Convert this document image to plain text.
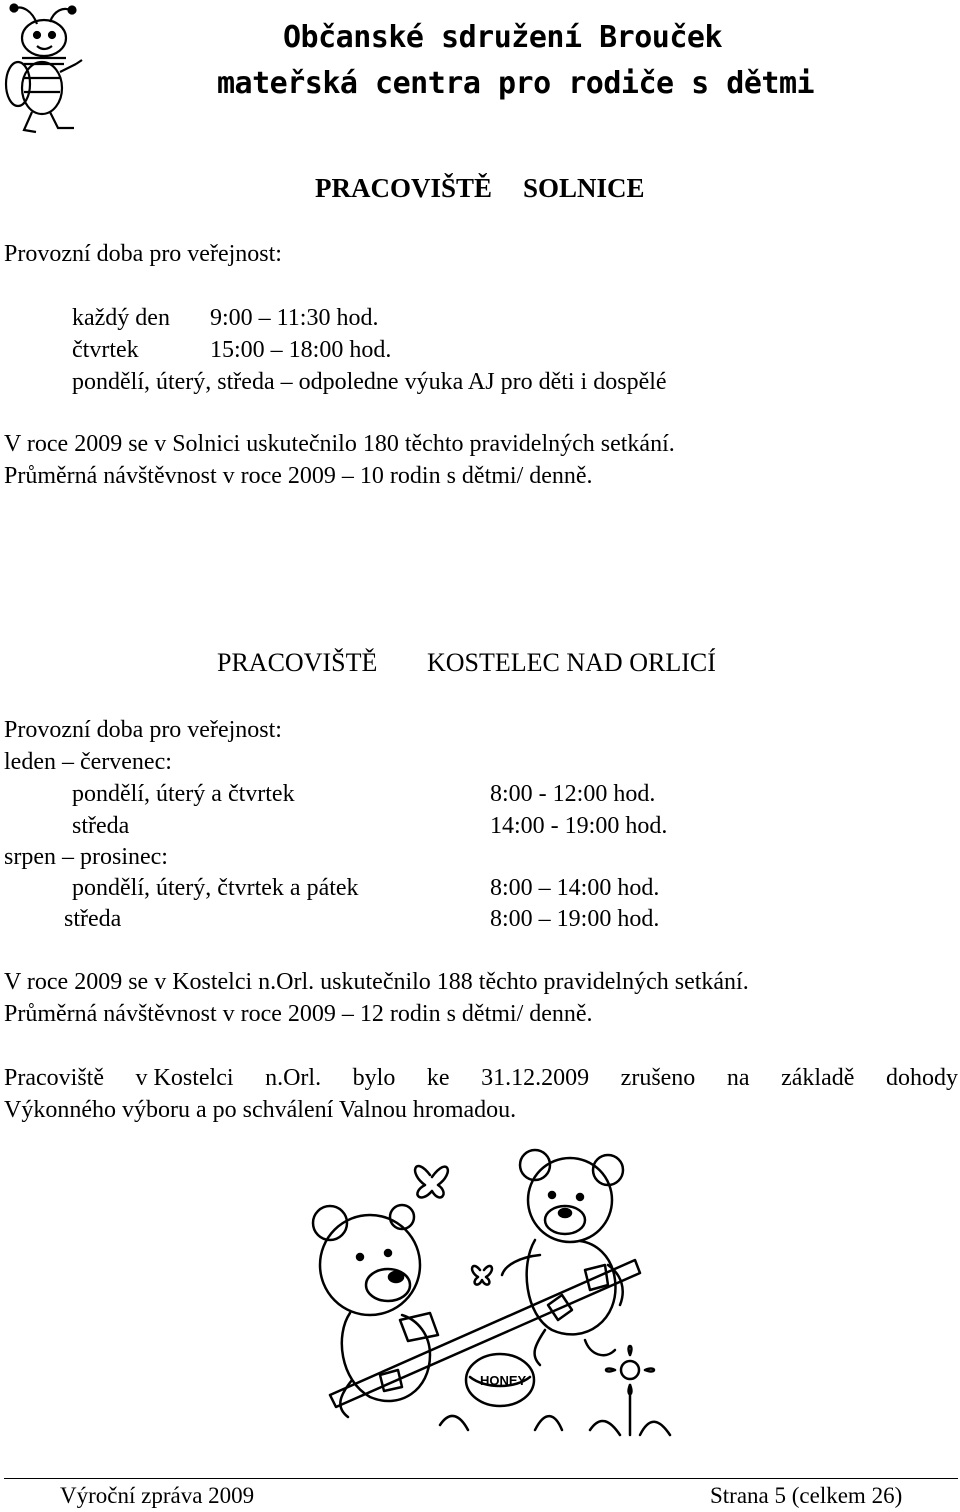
Občanské sdružení Brouček
mateřská centra pro rodiče s dětmi
PRACOVIŠTĚ SOLNICE
Provozní doba pro veřejnost:
každý den 9:00 – 11:30 hod.
čtvrtek	15:00 – 18:00 hod.
pondělí, úterý, středa – odpoledne výuka AJ pro děti i dospělé
V roce 2009 se v Solnici uskutečnilo 180 těchto pravidelných setkání.
Průměrná návštěvnost v roce 2009 – 10 rodin s dětmi/ denně.
PRACOVIŠTĚ KOSTELEC NAD ORLICÍ
Provozní doba pro veřejnost:
leden – červenec:
pondělí, úterý a čtvrtek	8:00 - 12:00 hod.
středa	14:00 - 19:00 hod.
srpen – prosinec:
pondělí, úterý, čtvrtek a pátek	8:00 – 14:00 hod.
středa	8:00 – 19:00 hod.
V roce 2009 se v Kostelci n.Orl. uskutečnilo 188 těchto pravidelných setkání.
Průměrná návštěvnost v roce 2009 – 12 rodin s dětmi/ denně.
Pracoviště v Kostelci n.Orl. bylo ke 31.12.2009 zrušeno na základě dohody
Výkonného výboru a po schválení Valnou hromadou.
HONEY
Výroční zpráva 2009	Strana 5 (celkem 26)
